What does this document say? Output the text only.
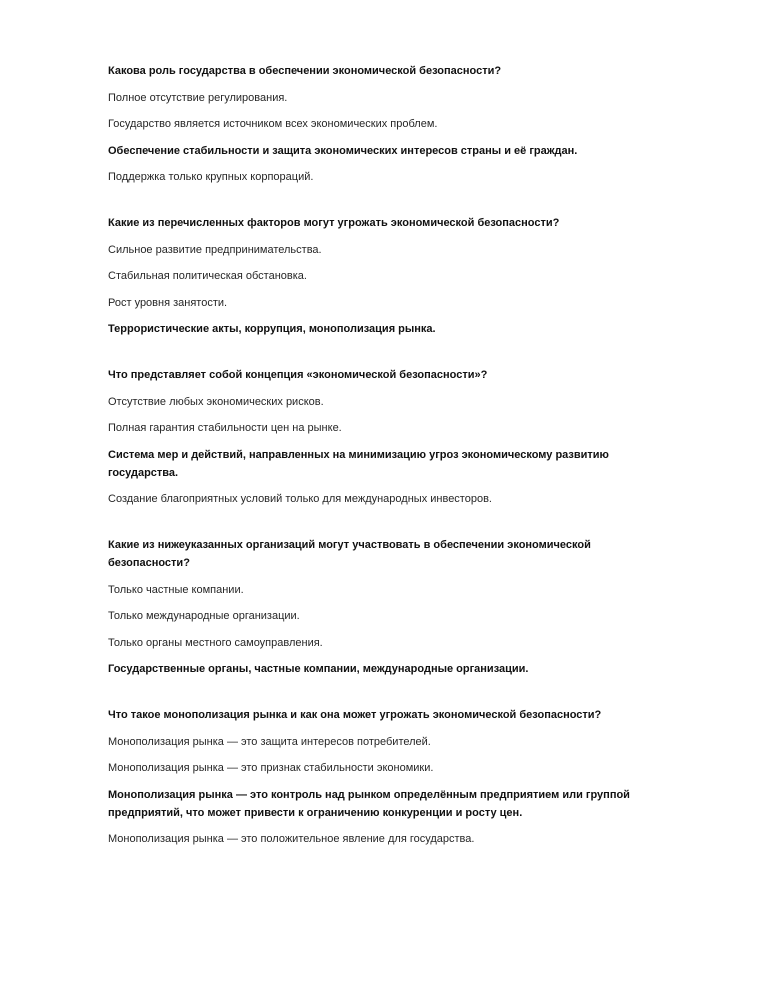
Какова роль государства в обеспечении экономической безопасности?

Полное отсутствие регулирования.

Государство является источником всех экономических проблем.

Обеспечение стабильности и защита экономических интересов страны и её граждан.

Поддержка только крупных корпораций.

Какие из перечисленных факторов могут угрожать экономической безопасности?

Сильное развитие предпринимательства.

Стабильная политическая обстановка.

Рост уровня занятости.

Террористические акты, коррупция, монополизация рынка.

Что представляет собой концепция «экономической безопасности»?

Отсутствие любых экономических рисков.

Полная гарантия стабильности цен на рынке.

Система мер и действий, направленных на минимизацию угроз экономическому развитию государства.

Создание благоприятных условий только для международных инвесторов.

Какие из нижеуказанных организаций могут участвовать в обеспечении экономической безопасности?

Только частные компании.

Только международные организации.

Только органы местного самоуправления.

Государственные органы, частные компании, международные организации.

Что такое монополизация рынка и как она может угрожать экономической безопасности?

Монополизация рынка — это защита интересов потребителей.

Монополизация рынка — это признак стабильности экономики.

Монополизация рынка — это контроль над рынком определённым предприятием или группой предприятий, что может привести к ограничению конкуренции и росту цен.

Монополизация рынка — это положительное явление для государства.
